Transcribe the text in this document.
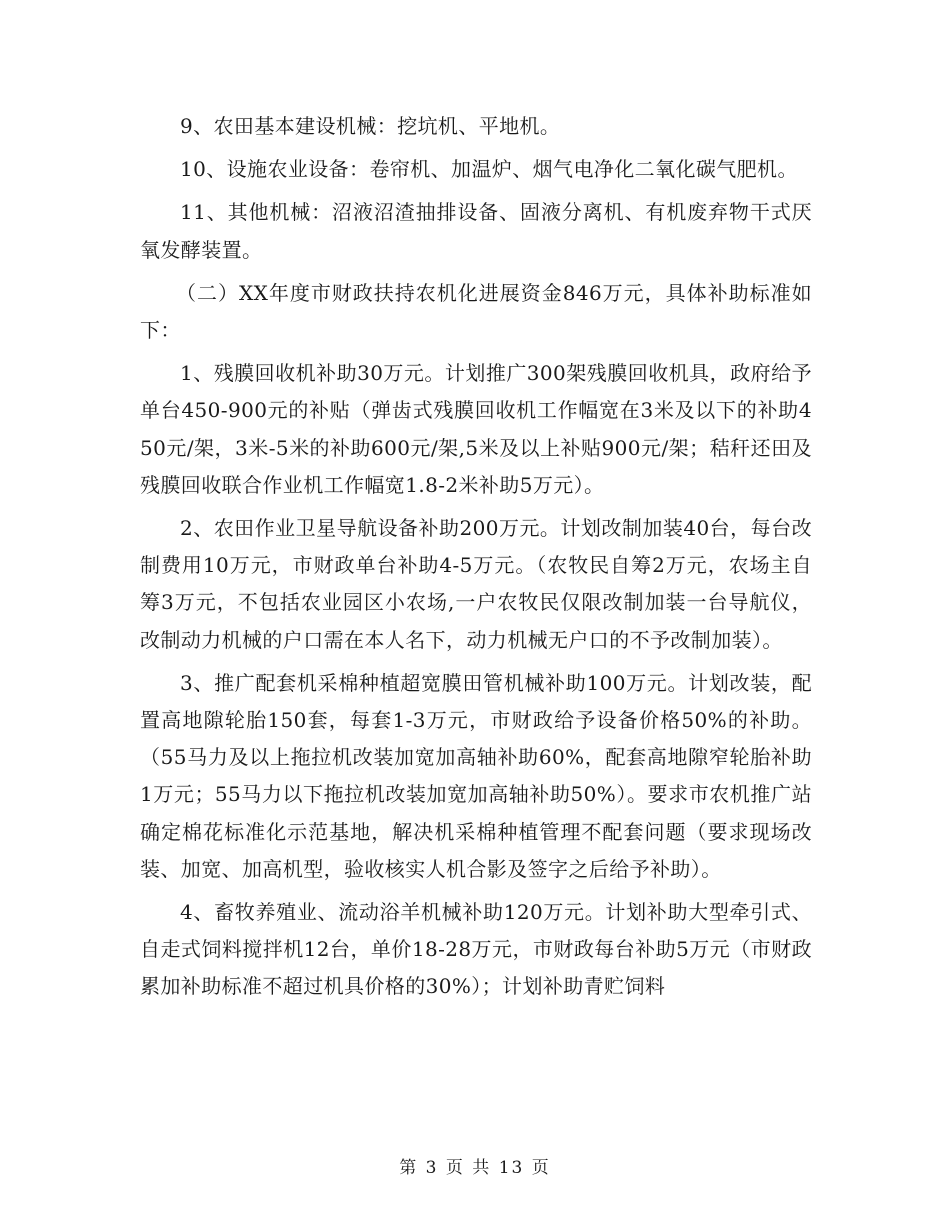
9、农田基本建设机械：挖坑机、平地机。

10、设施农业设备：卷帘机、加温炉、烟气电净化二氧化碳气肥机。

11、其他机械：沼液沼渣抽排设备、固液分离机、有机废弃物干式厌氧发酵装置。

（二）XX年度市财政扶持农机化进展资金846万元，具体补助标准如下：

1、残膜回收机补助30万元。计划推广300架残膜回收机具，政府给予单台450-900元的补贴（弹齿式残膜回收机工作幅宽在3米及以下的补助450元/架，3米-5米的补助600元/架,5米及以上补贴900元/架；秸秆还田及残膜回收联合作业机工作幅宽1.8-2米补助5万元）。

2、农田作业卫星导航设备补助200万元。计划改制加装40台，每台改制费用10万元，市财政单台补助4-5万元。（农牧民自筹2万元，农场主自筹3万元，不包括农业园区小农场,一户农牧民仅限改制加装一台导航仪，改制动力机械的户口需在本人名下，动力机械无户口的不予改制加装）。

3、推广配套机采棉种植超宽膜田管机械补助100万元。计划改装，配置高地隙轮胎150套，每套1-3万元，市财政给予设备价格50%的补助。（55马力及以上拖拉机改装加宽加高轴补助60%，配套高地隙窄轮胎补助1万元；55马力以下拖拉机改装加宽加高轴补助50%）。要求市农机推广站确定棉花标准化示范基地，解决机采棉种植管理不配套问题（要求现场改装、加宽、加高机型，验收核实人机合影及签字之后给予补助）。

4、畜牧养殖业、流动浴羊机械补助120万元。计划补助大型牵引式、自走式饲料搅拌机12台，单价18-28万元，市财政每台补助5万元（市财政累加补助标准不超过机具价格的30%）；计划补助青贮饲料

第 3 页 共 13 页
